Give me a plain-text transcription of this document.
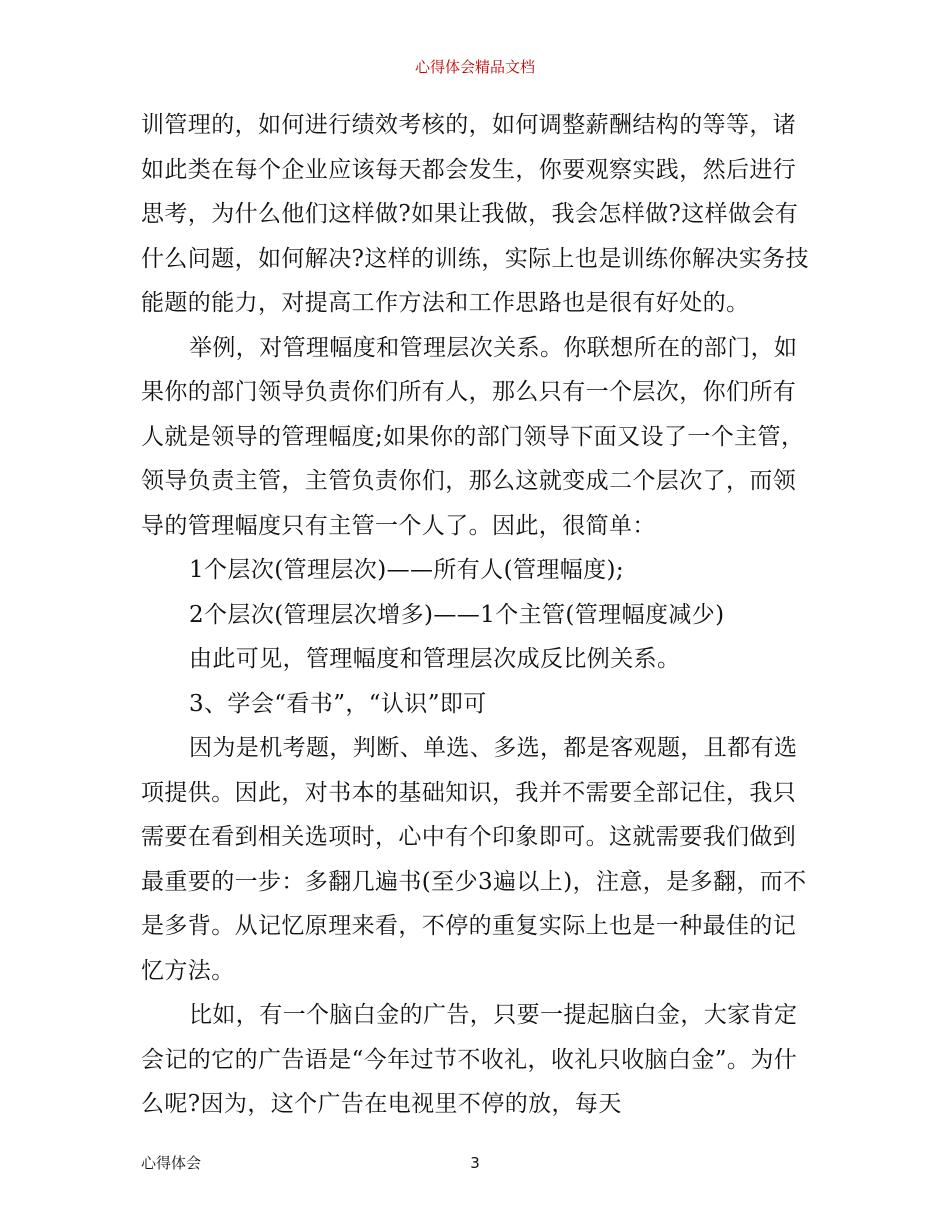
心得体会精品文档

训管理的，如何进行绩效考核的，如何调整薪酬结构的等等，诸如此类在每个企业应该每天都会发生，你要观察实践，然后进行思考，为什么他们这样做?如果让我做，我会怎样做?这样做会有什么问题，如何解决?这样的训练，实际上也是训练你解决实务技能题的能力，对提高工作方法和工作思路也是很有好处的。

举例，对管理幅度和管理层次关系。你联想所在的部门，如果你的部门领导负责你们所有人，那么只有一个层次，你们所有人就是领导的管理幅度;如果你的部门领导下面又设了一个主管，领导负责主管，主管负责你们，那么这就变成二个层次了，而领导的管理幅度只有主管一个人了。因此，很简单：

1个层次(管理层次)——所有人(管理幅度);

2个层次(管理层次增多)——1个主管(管理幅度减少)

由此可见，管理幅度和管理层次成反比例关系。

3、学会“看书”，“认识”即可

因为是机考题，判断、单选、多选，都是客观题，且都有选项提供。因此，对书本的基础知识，我并不需要全部记住，我只需要在看到相关选项时，心中有个印象即可。这就需要我们做到最重要的一步：多翻几遍书(至少3遍以上)，注意，是多翻，而不是多背。从记忆原理来看，不停的重复实际上也是一种最佳的记忆方法。

比如，有一个脑白金的广告，只要一提起脑白金，大家肯定会记的它的广告语是“今年过节不收礼，收礼只收脑白金”。为什么呢?因为，这个广告在电视里不停的放，每天

心得体会	3
